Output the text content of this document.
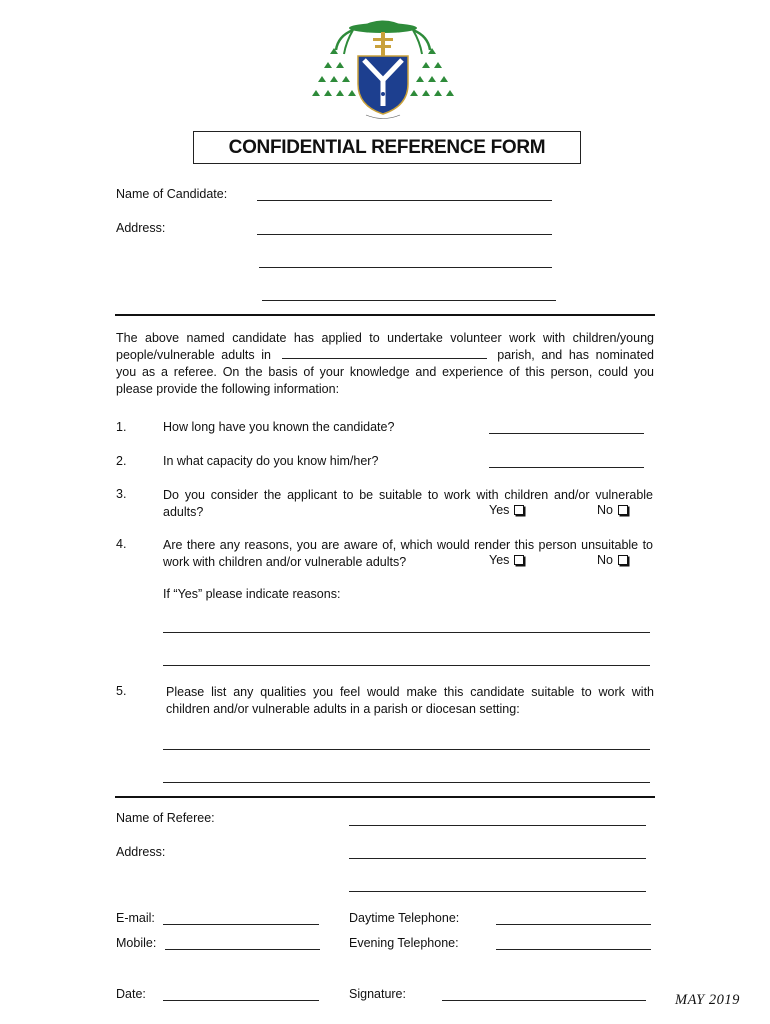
CONFIDENTIAL REFERENCE FORM
Name of Candidate:
Address:
The above named candidate has applied to undertake volunteer work with children/young people/vulnerable adults in	parish, and has nominated you as a referee. On the basis of your knowledge and experience of this person, could you please provide the following information:
1.	How long have you known the candidate?
2.	In what capacity do you know him/her?
3.	Do you consider the applicant to be suitable to work with children and/or vulnerable adults?	Yes	No
4.	Are there any reasons, you are aware of, which would render this person unsuitable to work with children and/or vulnerable adults?	Yes	No
If “Yes” please indicate reasons:
5.	Please list any qualities you feel would make this candidate suitable to work with children and/or vulnerable adults in a parish or diocesan setting:
Name of Referee:
Address:
E-mail:	Daytime Telephone:
Mobile:	Evening Telephone:
Date:	Signature:	MAY 2019
